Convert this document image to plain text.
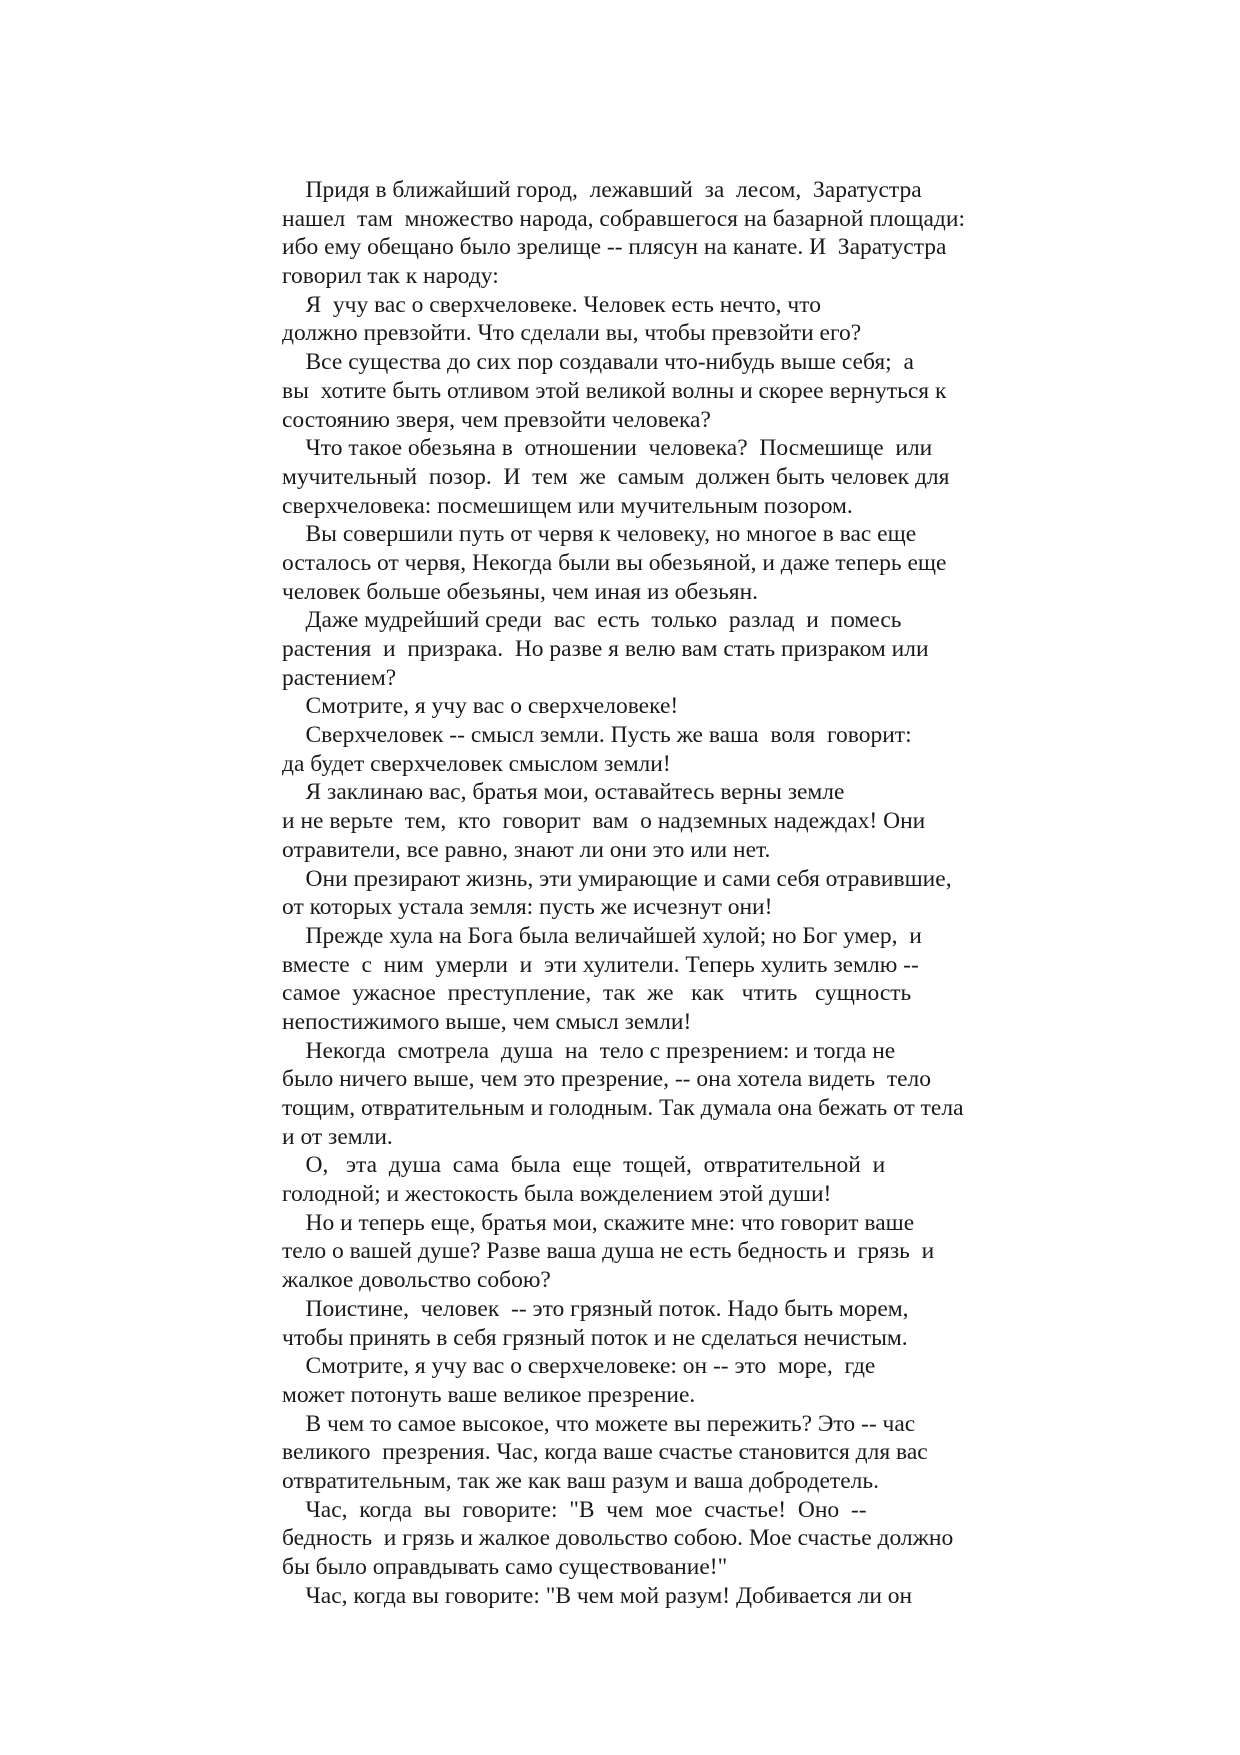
Придя в ближайший город,  лежавший  за  лесом,  Заратустра
нашел  там  множество народа, собравшегося на базарной площади:
ибо ему обещано было зрелище -- плясун на канате. И  Заратустра
говорил так к народу:
Я  учу вас о сверхчеловеке. Человек есть нечто, что
должно превзойти. Что сделали вы, чтобы превзойти его?
Все существа до сих пор создавали что-нибудь выше себя;  а
вы  хотите быть отливом этой великой волны и скорее вернуться к
состоянию зверя, чем превзойти человека?
Что такое обезьяна в  отношении  человека?  Посмешище  или
мучительный  позор.  И  тем  же  самым  должен быть человек для
сверхчеловека: посмешищем или мучительным позором.
Вы совершили путь от червя к человеку, но многое в вас еще
осталось от червя, Некогда были вы обезьяной, и даже теперь еще
человек больше обезьяны, чем иная из обезьян.
Даже мудрейший среди  вас  есть  только  разлад  и  помесь
растения  и  призрака.  Но разве я велю вам стать призраком или
растением?
Смотрите, я учу вас о сверхчеловеке!
Сверхчеловек -- смысл земли. Пусть же ваша  воля  говорит:
да будет сверхчеловек смыслом земли!
Я заклинаю вас, братья мои, оставайтесь верны земле
и не верьте  тем,  кто  говорит  вам  о надземных надеждах! Они
отравители, все равно, знают ли они это или нет.
Они презирают жизнь, эти умирающие и сами себя отравившие,
от которых устала земля: пусть же исчезнут они!
Прежде хула на Бога была величайшей хулой; но Бог умер,  и
вместе  с  ним  умерли  и  эти хулители. Теперь хулить землю --
самое  ужасное  преступление,  так  же   как   чтить   сущность
непостижимого выше, чем смысл земли!
Некогда  смотрела  душа  на  тело с презрением: и тогда не
было ничего выше, чем это презрение, -- она хотела видеть  тело
тощим, отвратительным и голодным. Так думала она бежать от тела
и от земли.
О,   эта  душа  сама  была  еще  тощей,  отвратительной  и
голодной; и жестокость была вожделением этой души!
Но и теперь еще, братья мои, скажите мне: что говорит ваше
тело о вашей душе? Разве ваша душа не есть бедность и  грязь  и
жалкое довольство собою?
Поистине,  человек  -- это грязный поток. Надо быть морем,
чтобы принять в себя грязный поток и не сделаться нечистым.
Смотрите, я учу вас о сверхчеловеке: он -- это  море,  где
может потонуть ваше великое презрение.
В чем то самое высокое, что можете вы пережить? Это -- час
великого  презрения. Час, когда ваше счастье становится для вас
отвратительным, так же как ваш разум и ваша добродетель.
Час,  когда  вы  говорите:  "В  чем  мое  счастье!  Оно  --
бедность  и грязь и жалкое довольство собою. Мое счастье должно
бы было оправдывать само существование!"
Час, когда вы говорите: "В чем мой разум! Добивается ли он
